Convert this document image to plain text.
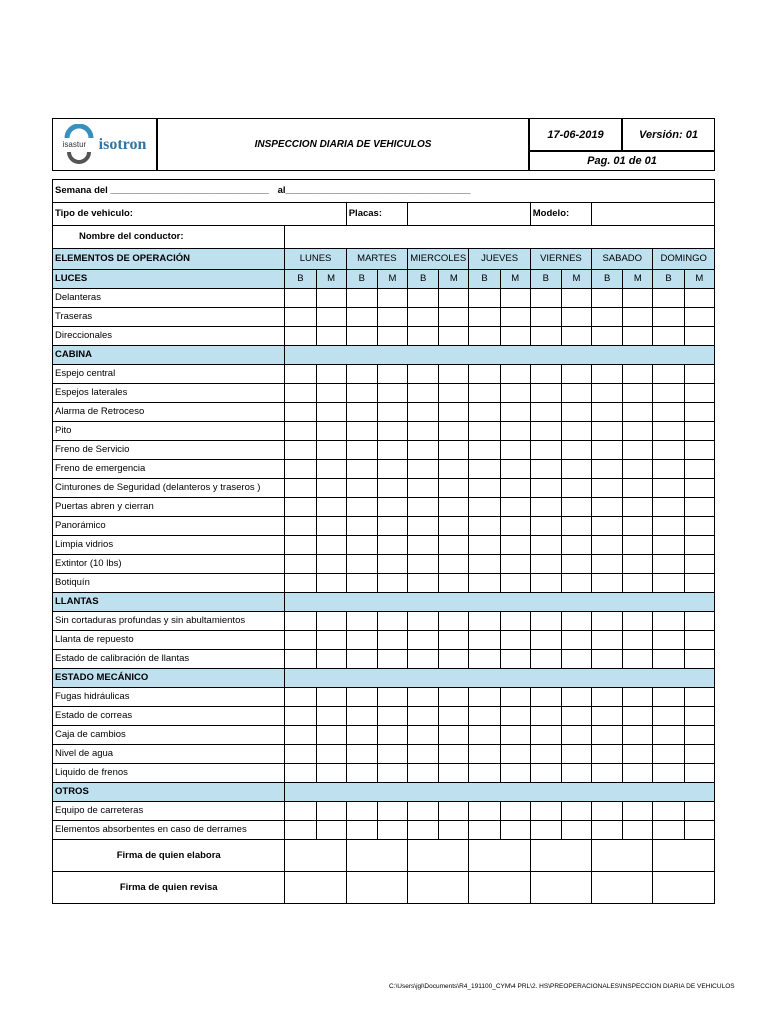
isastur isotron	INSPECCION DIARIA DE VEHICULOS	17-06-2019	Versión: 01
Pag. 01 de 01
Semana del ______________________________ al___________________________________														
Tipo de vehiculo:			Placas:						Modelo:					
Nombre del conductor:														
ELEMENTOS DE OPERACIÓN	LUNES		MARTES		MIERCOLES		JUEVES		VIERNES		SABADO		DOMINGO	
LUCES	B	M	B	M	B	M	B	M	B	M	B	M	B	M
Delanteras														
Traseras														
Direccionales														
CABINA														
Espejo central														
Espejos laterales														
Alarma de Retroceso														
Pito														
Freno de Servicio														
Freno de emergencia														
Cinturones de Seguridad (delanteros y traseros )														
Puertas abren y cierran														
Panorámico														
Limpia vidrios														
Extintor (10 lbs)														
Botiquín														
LLANTAS														
Sin cortaduras profundas y sin abultamientos														
Llanta de repuesto														
Estado de calibración de llantas														
ESTADO MECÁNICO														
Fugas hidráulicas														
Estado de correas														
Caja de cambios														
Nivel de agua														
Liquido de frenos														
OTROS														
Equipo de carreteras														
Elementos absorbentes en caso de derrames														
Firma de quien elabora														
Firma de quien revisa														
C:\Users\jgl\Documents\R4_191100_CYM\4 PRL\2. HS\PREOPERACIONALES\INSPECCION DIARIA DE VEHICULOS
